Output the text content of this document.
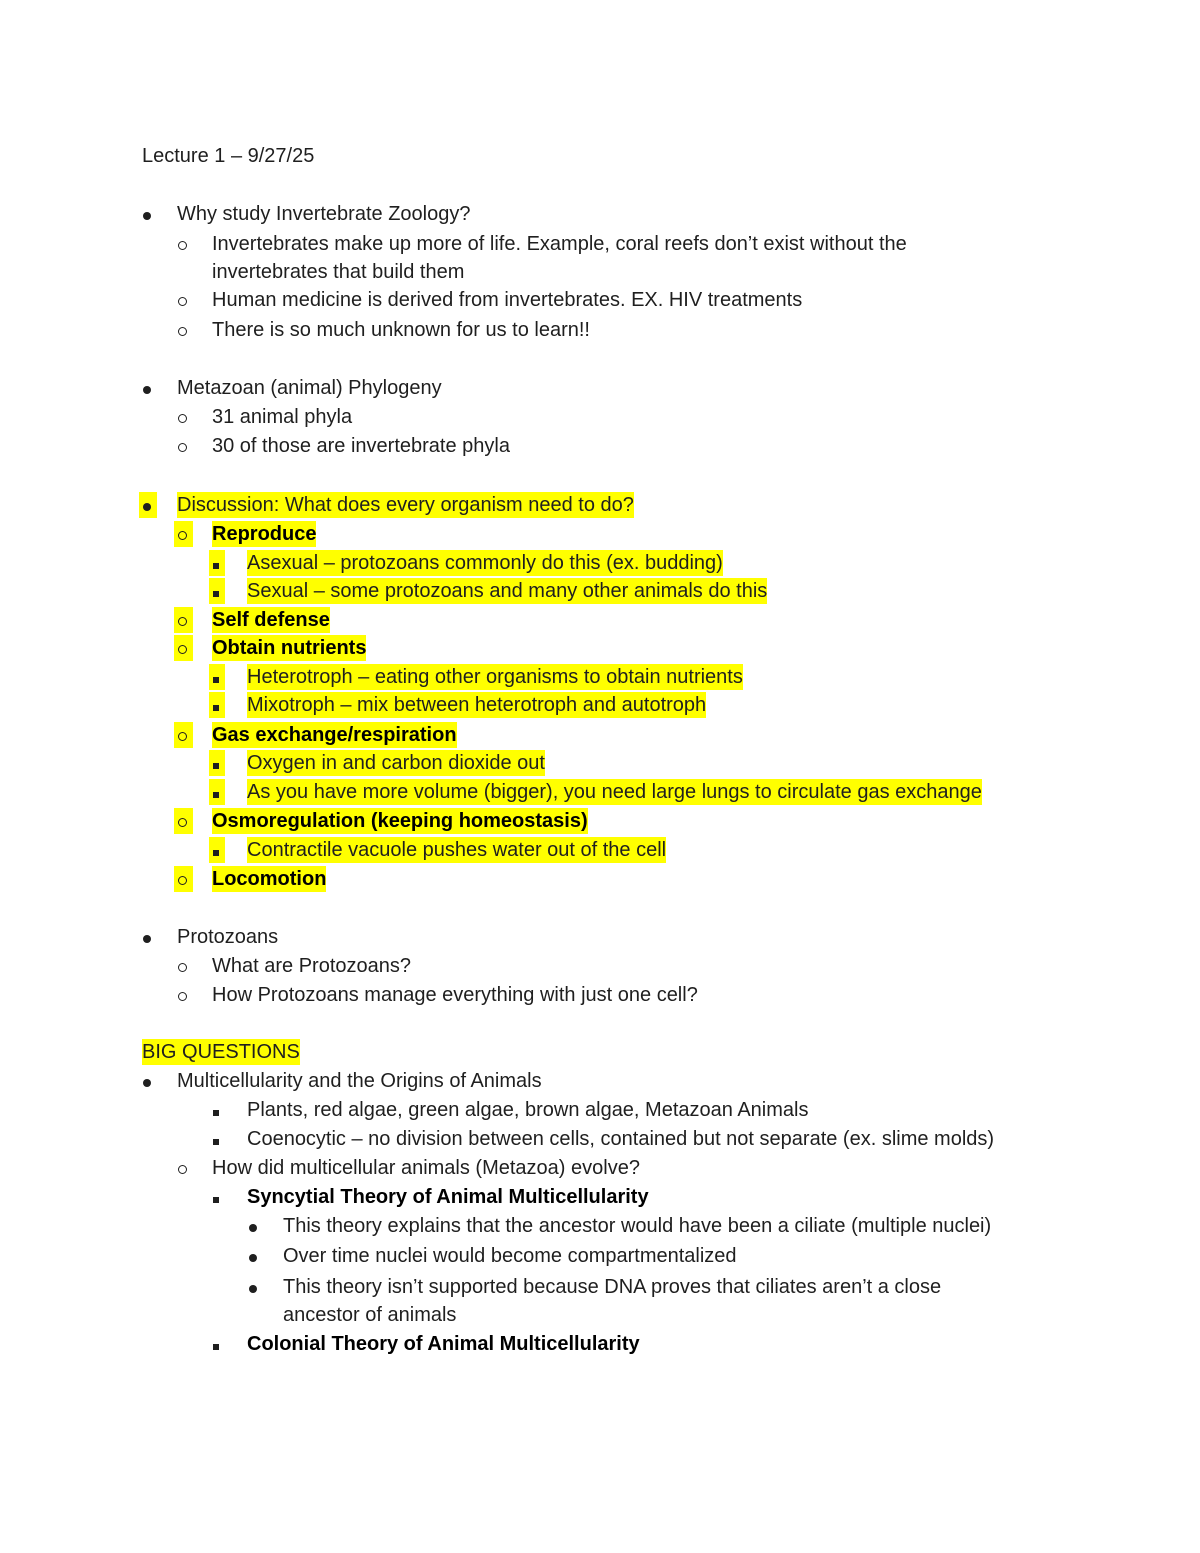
Lecture 1 – 9/27/25
Why study Invertebrate Zoology?
Invertebrates make up more of life. Example, coral reefs don’t exist without the
invertebrates that build them
Human medicine is derived from invertebrates. EX. HIV treatments
There is so much unknown for us to learn!!
Metazoan (animal) Phylogeny
31 animal phyla
30 of those are invertebrate phyla
Discussion: What does every organism need to do?
Reproduce
Asexual – protozoans commonly do this (ex. budding)
Sexual – some protozoans and many other animals do this
Self defense
Obtain nutrients
Heterotroph – eating other organisms to obtain nutrients
Mixotroph – mix between heterotroph and autotroph
Gas exchange/respiration
Oxygen in and carbon dioxide out
As you have more volume (bigger), you need large lungs to circulate gas exchange
Osmoregulation (keeping homeostasis)
Contractile vacuole pushes water out of the cell
Locomotion
Protozoans
What are Protozoans?
How Protozoans manage everything with just one cell?
BIG QUESTIONS
Multicellularity and the Origins of Animals
Plants, red algae, green algae, brown algae, Metazoan Animals
Coenocytic – no division between cells, contained but not separate (ex. slime molds)
How did multicellular animals (Metazoa) evolve?
Syncytial Theory of Animal Multicellularity
This theory explains that the ancestor would have been a ciliate (multiple nuclei)
Over time nuclei would become compartmentalized
This theory isn’t supported because DNA proves that ciliates aren’t a close
ancestor of animals
Colonial Theory of Animal Multicellularity
